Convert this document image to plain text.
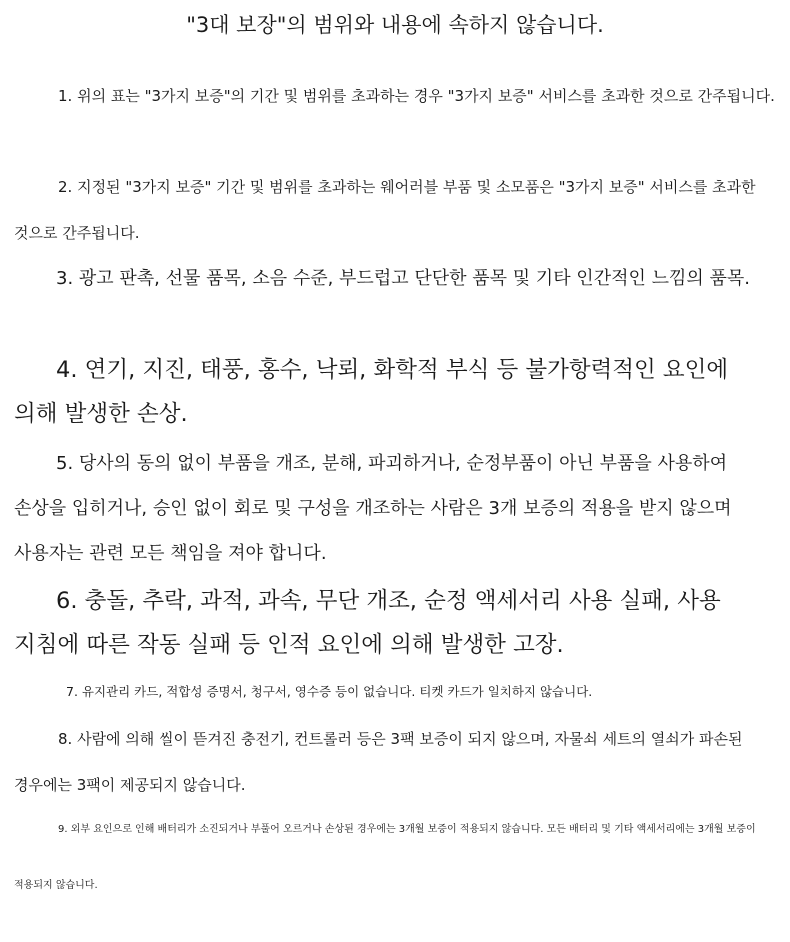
"3대 보장"의 범위와 내용에 속하지 않습니다.

1. 위의 표는 "3가지 보증"의 기간 및 범위를 초과하는 경우 "3가지 보증" 서비스를 초과한 것으로 간주됩니다.

2. 지정된 "3가지 보증" 기간 및 범위를 초과하는 웨어러블 부품 및 소모품은 "3가지 보증" 서비스를 초과한 것으로 간주됩니다.

3. 광고 판촉, 선물 품목, 소음 수준, 부드럽고 단단한 품목 및 기타 인간적인 느낌의 품목.

4. 연기, 지진, 태풍, 홍수, 낙뢰, 화학적 부식 등 불가항력적인 요인에 의해 발생한 손상.

5. 당사의 동의 없이 부품을 개조, 분해, 파괴하거나, 순정부품이 아닌 부품을 사용하여 손상을 입히거나, 승인 없이 회로 및 구성을 개조하는 사람은 3개 보증의 적용을 받지 않으며 사용자는 관련 모든 책임을 져야 합니다.

6. 충돌, 추락, 과적, 과속, 무단 개조, 순정 액세서리 사용 실패, 사용 지침에 따른 작동 실패 등 인적 요인에 의해 발생한 고장.

7. 유지관리 카드, 적합성 증명서, 청구서, 영수증 등이 없습니다. 티켓 카드가 일치하지 않습니다.

8. 사람에 의해 씰이 뜯겨진 충전기, 컨트롤러 등은 3팩 보증이 되지 않으며, 자물쇠 세트의 열쇠가 파손된 경우에는 3팩이 제공되지 않습니다.

9. 외부 요인으로 인해 배터리가 소진되거나 부풀어 오르거나 손상된 경우에는 3개월 보증이 적용되지 않습니다. 모든 배터리 및 기타 액세서리에는 3개월 보증이 적용되지 않습니다.
